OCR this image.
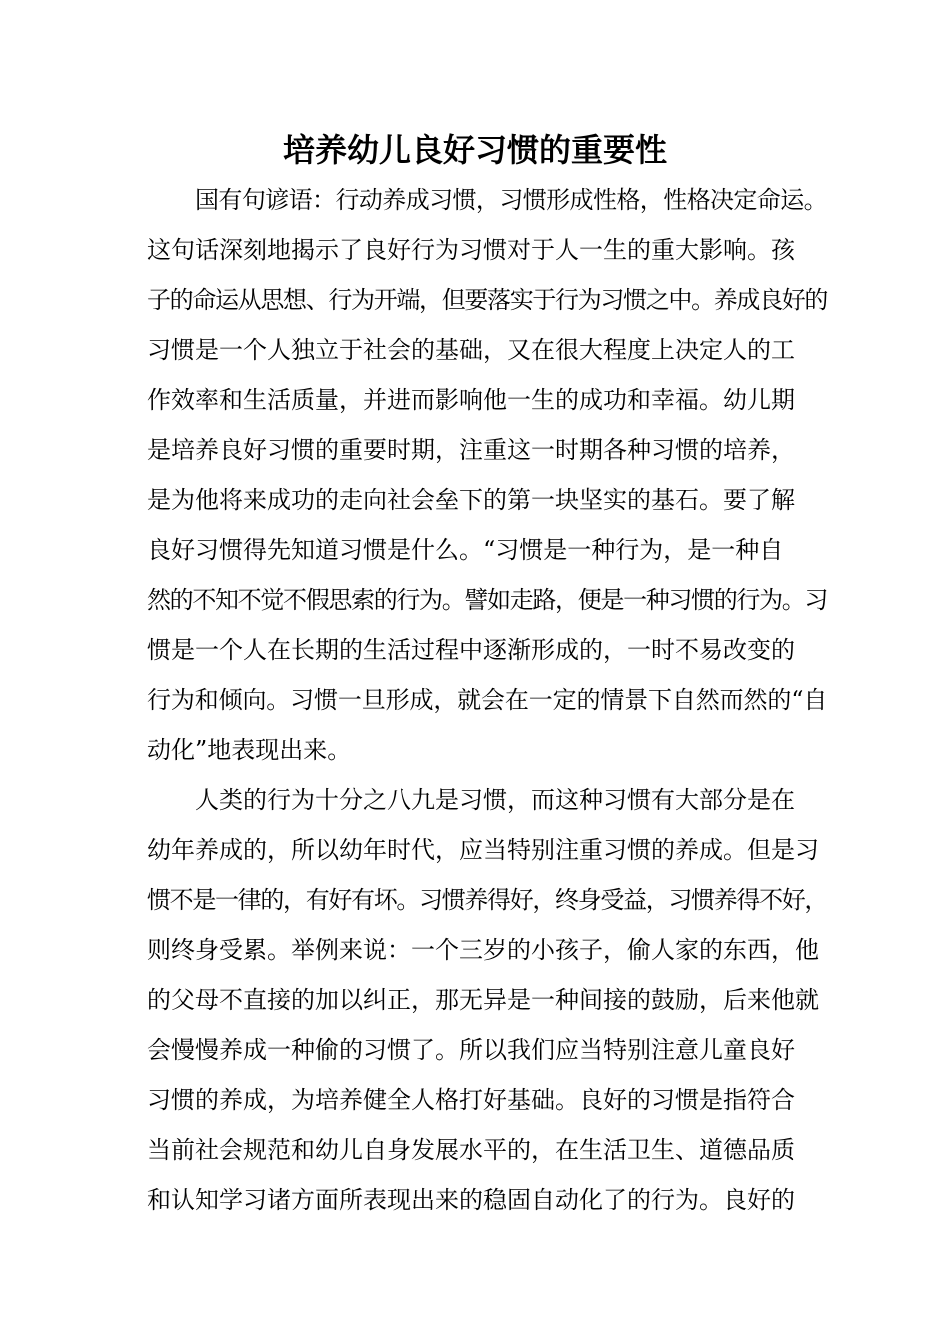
培养幼儿良好习惯的重要性

国有句谚语：行动养成习惯，习惯形成性格，性格决定命运。

这句话深刻地揭示了良好行为习惯对于人一生的重大影响。孩

子的命运从思想、行为开端，但要落实于行为习惯之中。养成良好的

习惯是一个人独立于社会的基础，又在很大程度上决定人的工

作效率和生活质量，并进而影响他一生的成功和幸福。幼儿期

是培养良好习惯的重要时期，注重这一时期各种习惯的培养，

是为他将来成功的走向社会垒下的第一块坚实的基石。要了解

良好习惯得先知道习惯是什么。“习惯是一种行为，是一种自

然的不知不觉不假思索的行为。譬如走路，便是一种习惯的行为。习

惯是一个人在长期的生活过程中逐渐形成的，一时不易改变的

行为和倾向。习惯一旦形成，就会在一定的情景下自然而然的“自

动化”地表现出来。

人类的行为十分之八九是习惯，而这种习惯有大部分是在

幼年养成的，所以幼年时代，应当特别注重习惯的养成。但是习

惯不是一律的，有好有坏。习惯养得好，终身受益，习惯养得不好，

则终身受累。举例来说：一个三岁的小孩子，偷人家的东西，他

的父母不直接的加以纠正，那无异是一种间接的鼓励，后来他就

会慢慢养成一种偷的习惯了。所以我们应当特别注意儿童良好

习惯的养成，为培养健全人格打好基础。良好的习惯是指符合

当前社会规范和幼儿自身发展水平的，在生活卫生、道德品质

和认知学习诸方面所表现出来的稳固自动化了的行为。良好的
